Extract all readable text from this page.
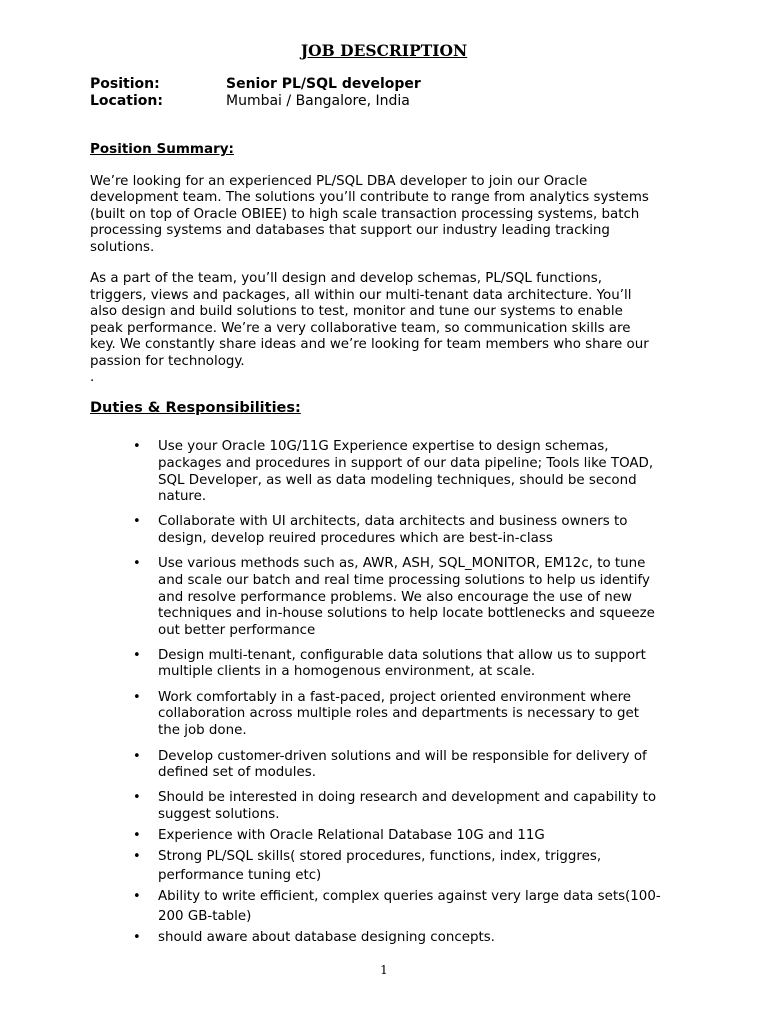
JOB DESCRIPTION
Position:	Senior PL/SQL developer
Location:	Mumbai / Bangalore, India
Position Summary:
We’re looking for an experienced PL/SQL DBA developer to join our Oracle
development team. The solutions you’ll contribute to range from analytics systems
(built on top of Oracle OBIEE) to high scale transaction processing systems, batch
processing systems and databases that support our industry leading tracking
solutions.
As a part of the team, you’ll design and develop schemas, PL/SQL functions,
triggers, views and packages, all within our multi-tenant data architecture. You’ll
also design and build solutions to test, monitor and tune our systems to enable
peak performance. We’re a very collaborative team, so communication skills are
key. We constantly share ideas and we’re looking for team members who share our
passion for technology.
.
Duties & Responsibilities:
• Use your Oracle 10G/11G Experience expertise to design schemas,
packages and procedures in support of our data pipeline; Tools like TOAD,
SQL Developer, as well as data modeling techniques, should be second
nature.
• Collaborate with UI architects, data architects and business owners to
design, develop reuired procedures which are best-in-class
• Use various methods such as, AWR, ASH, SQL_MONITOR, EM12c, to tune
and scale our batch and real time processing solutions to help us identify
and resolve performance problems. We also encourage the use of new
techniques and in-house solutions to help locate bottlenecks and squeeze
out better performance
• Design multi-tenant, configurable data solutions that allow us to support
multiple clients in a homogenous environment, at scale.
• Work comfortably in a fast-paced, project oriented environment where
collaboration across multiple roles and departments is necessary to get
the job done.
• Develop customer-driven solutions and will be responsible for delivery of
defined set of modules.
• Should be interested in doing research and development and capability to
suggest solutions.
• Experience with Oracle Relational Database 10G and 11G
• Strong PL/SQL skills( stored procedures, functions, index, triggres,
performance tuning etc)
• Ability to write efficient, complex queries against very large data sets(100-
200 GB-table)
• should aware about database designing concepts.
1
